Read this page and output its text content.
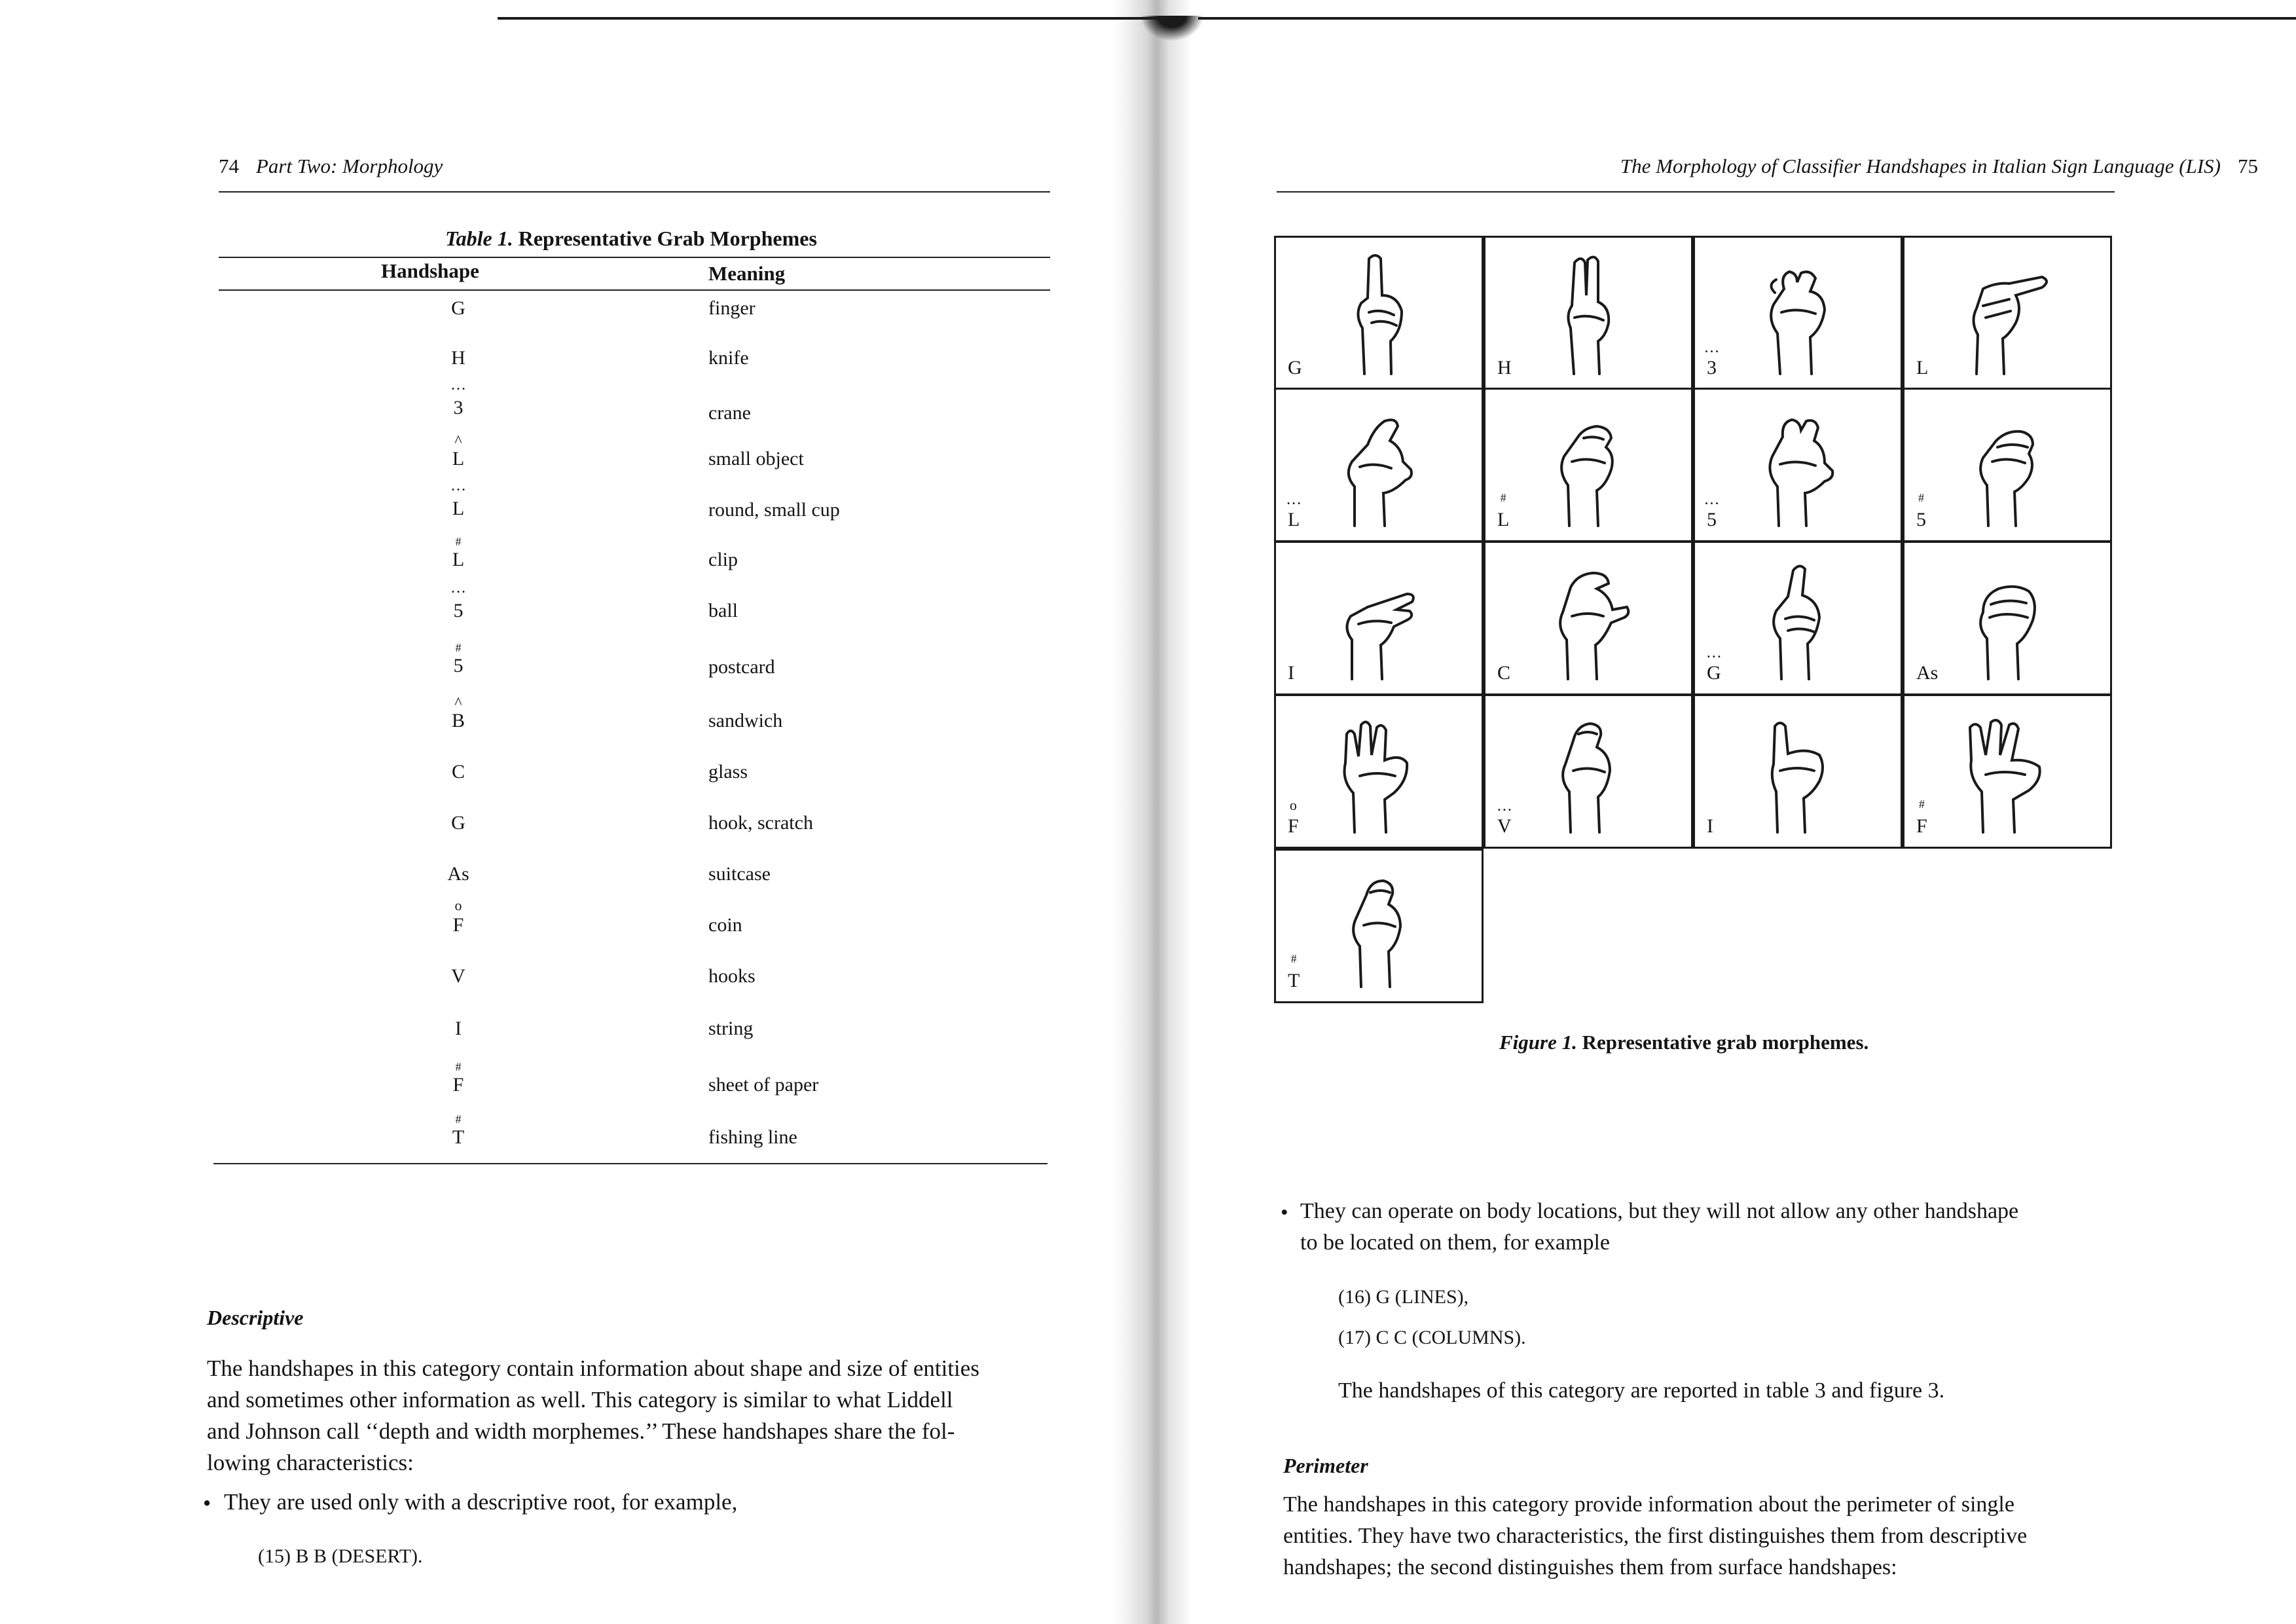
74 Part Two: Morphology
Table 1. Representative Grab Morphemes
Handshape	Meaning
G	finger
H	knife
… 3	crane
^ L	small object
… L	round, small cup
# L	clip
… 5	ball
# 5	postcard
^ B	sandwich
C	glass
G	hook, scratch
As	suitcase
o F	coin
V	hooks
I	string
# F	sheet of paper
# T	fishing line
Descriptive
The handshapes in this category contain information about shape and size of entities
and sometimes other information as well. This category is similar to what Liddell
and Johnson call ‘‘depth and width morphemes.’’ These handshapes share the fol-
lowing characteristics:
• They are used only with a descriptive root, for example,
(15) B B (DESERT).
The Morphology of Classifier Handshapes in Italian Sign Language (LIS) 75
G	H	… 3	L
… L	# L	… 5	# 5
I	C	… G	As
o F	… V	I	# F
# T
Figure 1. Representative grab morphemes.
• They can operate on body locations, but they will not allow any other handshape
to be located on them, for example
(16) G (LINES),
(17) C C (COLUMNS).
The handshapes of this category are reported in table 3 and figure 3.
Perimeter
The handshapes in this category provide information about the perimeter of single
entities. They have two characteristics, the first distinguishes them from descriptive
handshapes; the second distinguishes them from surface handshapes:
